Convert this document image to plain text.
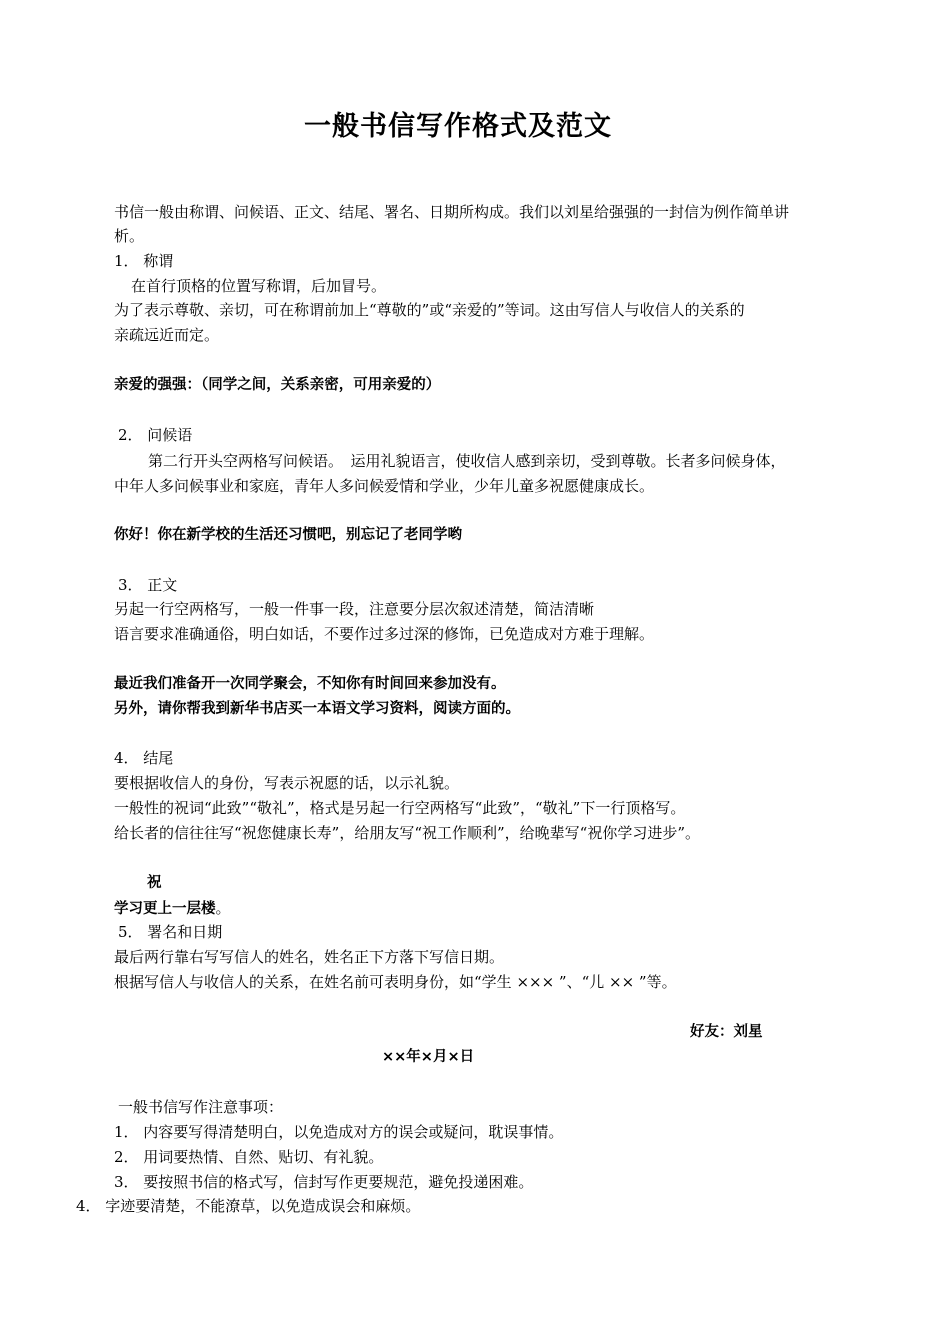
一般书信写作格式及范文
书信一般由称谓、问候语、正文、结尾、署名、日期所构成。我们以刘星给强强的一封信为例作简单讲
析。
1． 称谓
在首行顶格的位置写称谓，后加冒号。
为了表示尊敬、亲切，可在称谓前加上“尊敬的”或“亲爱的”等词。这由写信人与收信人的关系的
亲疏远近而定。
亲爱的强强：（同学之间，关系亲密，可用亲爱的）
2． 问候语
第二行开头空两格写问候语。　运用礼貌语言，使收信人感到亲切，受到尊敬。长者多问候身体，
中年人多问候事业和家庭，青年人多问候爱情和学业，少年儿童多祝愿健康成长。
你好！你在新学校的生活还习惯吧，别忘记了老同学哟
3． 正文
另起一行空两格写，一般一件事一段，注意要分层次叙述清楚，简洁清晰
语言要求准确通俗，明白如话，不要作过多过深的修饰，已免造成对方难于理解。
最近我们准备开一次同学聚会，不知你有时间回来参加没有。
另外，请你帮我到新华书店买一本语文学习资料，阅读方面的。
4． 结尾
要根据收信人的身份，写表示祝愿的话，以示礼貌。
一般性的祝词“此致”“敬礼”，格式是另起一行空两格写“此致”，“敬礼”下一行顶格写。
给长者的信往往写“祝您健康长寿”，给朋友写“祝工作顺利”，给晚辈写“祝你学习进步”。
祝
学习更上一层楼。
5． 署名和日期
最后两行靠右写写信人的姓名，姓名正下方落下写信日期。
根据写信人与收信人的关系，在姓名前可表明身份，如“学生 ××× ”、“儿 ×× ”等。
好友：刘星
××年×月×日
一般书信写作注意事项：
1． 内容要写得清楚明白，以免造成对方的误会或疑问，耽误事情。
2． 用词要热情、自然、贴切、有礼貌。
3． 要按照书信的格式写，信封写作更要规范，避免投递困难。
4． 字迹要清楚，不能潦草，以免造成误会和麻烦。
